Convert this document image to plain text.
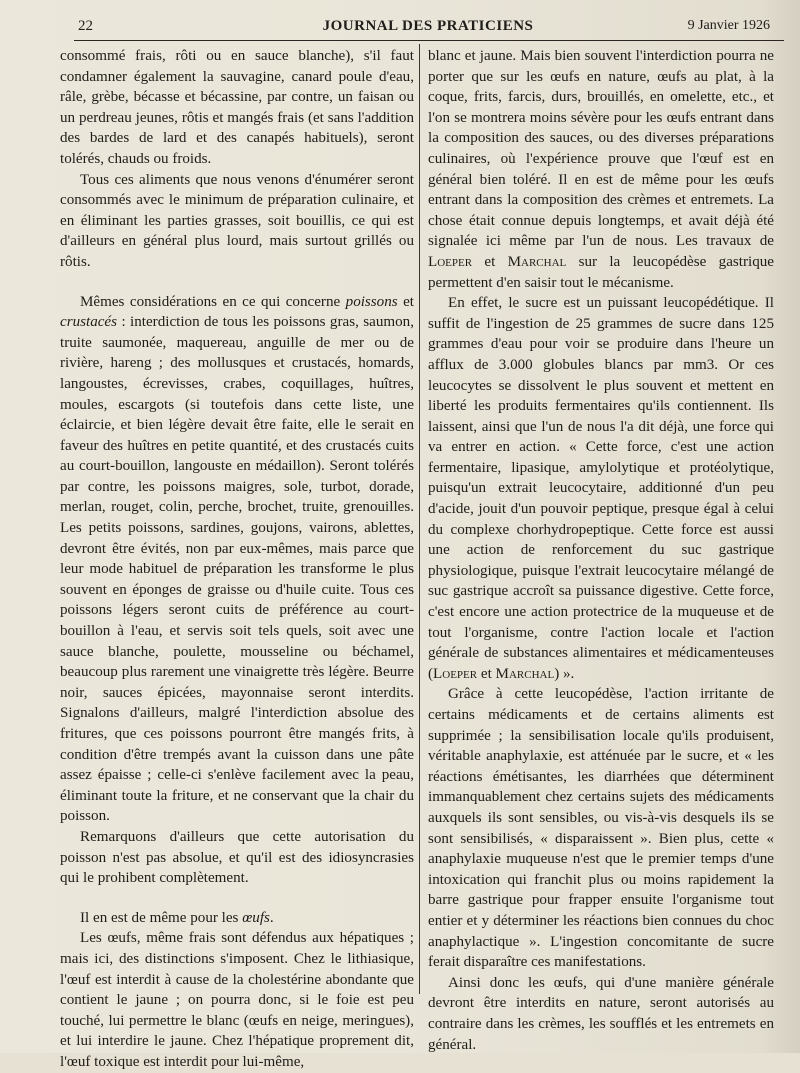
22	JOURNAL DES PRATICIENS	9 Janvier 1926

consommé frais, rôti ou en sauce blanche), s'il faut condamner également la sauvagine, canard poule d'eau, râle, grèbe, bécasse et bécassine, par contre, un faisan ou un perdreau jeunes, rôtis et mangés frais (et sans l'addition des bardes de lard et des canapés habituels), seront tolérés, chauds ou froids.

Tous ces aliments que nous venons d'énumérer seront consommés avec le minimum de préparation culinaire, et en éliminant les parties grasses, soit bouillis, ce qui est d'ailleurs en général plus lourd, mais surtout grillés ou rôtis.

Mêmes considérations en ce qui concerne poissons et crustacés : interdiction de tous les poissons gras, saumon, truite saumonée, maquereau, anguille de mer ou de rivière, hareng ; des mollusques et crustacés, homards, langoustes, écrevisses, crabes, coquillages, huîtres, moules, escargots (si toutefois dans cette liste, une éclaircie, et bien légère devait être faite, elle le serait en faveur des huîtres en petite quantité, et des crustacés cuits au court-bouillon, langouste en médaillon). Seront tolérés par contre, les poissons maigres, sole, turbot, dorade, merlan, rouget, colin, perche, brochet, truite, grenouilles. Les petits poissons, sardines, goujons, vairons, ablettes, devront être évités, non par eux-mêmes, mais parce que leur mode habituel de préparation les transforme le plus souvent en éponges de graisse ou d'huile cuite. Tous ces poissons légers seront cuits de préférence au court-bouillon à l'eau, et servis soit tels quels, soit avec une sauce blanche, poulette, mousseline ou béchamel, beaucoup plus rarement une vinaigrette très légère. Beurre noir, sauces épicées, mayonnaise seront interdits. Signalons d'ailleurs, malgré l'interdiction absolue des fritures, que ces poissons pourront être mangés frits, à condition d'être trempés avant la cuisson dans une pâte assez épaisse ; celle-ci s'enlève facilement avec la peau, éliminant toute la friture, et ne conservant que la chair du poisson.

Remarquons d'ailleurs que cette autorisation du poisson n'est pas absolue, et qu'il est des idiosyncrasies qui le prohibent complètement.

Il en est de même pour les œufs.

Les œufs, même frais sont défendus aux hépatiques ; mais ici, des distinctions s'imposent. Chez le lithiasique, l'œuf est interdit à cause de la cholestérine abondante que contient le jaune ; on pourra donc, si le foie est peu touché, lui permettre le blanc (œufs en neige, meringues), et lui interdire le jaune. Chez l'hépatique proprement dit, l'œuf toxique est interdit pour lui-même,

blanc et jaune. Mais bien souvent l'interdiction pourra ne porter que sur les œufs en nature, œufs au plat, à la coque, frits, farcis, durs, brouillés, en omelette, etc., et l'on se montrera moins sévère pour les œufs entrant dans la composition des sauces, ou des diverses préparations culinaires, où l'expérience prouve que l'œuf est en général bien toléré. Il en est de même pour les œufs entrant dans la composition des crèmes et entremets. La chose était connue depuis longtemps, et avait déjà été signalée ici même par l'un de nous. Les travaux de Loeper et Marchal sur la leucopédèse gastrique permettent d'en saisir tout le mécanisme.

En effet, le sucre est un puissant leucopédétique. Il suffit de l'ingestion de 25 grammes de sucre dans 125 grammes d'eau pour voir se produire dans l'heure un afflux de 3.000 globules blancs par mm3. Or ces leucocytes se dissolvent le plus souvent et mettent en liberté les produits fermentaires qu'ils contiennent. Ils laissent, ainsi que l'un de nous l'a dit déjà, une force qui va entrer en action. « Cette force, c'est une action fermentaire, lipasique, amylolytique et protéolytique, puisqu'un extrait leucocytaire, additionné d'un peu d'acide, jouit d'un pouvoir peptique, presque égal à celui du complexe chorhydropeptique. Cette force est aussi une action de renforcement du suc gastrique physiologique, puisque l'extrait leucocytaire mélangé de suc gastrique accroît sa puissance digestive. Cette force, c'est encore une action protectrice de la muqueuse et de tout l'organisme, contre l'action locale et l'action générale de substances alimentaires et médicamenteuses (Loeper et Marchal) ».

Grâce à cette leucopédèse, l'action irritante de certains médicaments et de certains aliments est supprimée ; la sensibilisation locale qu'ils produisent, véritable anaphylaxie, est atténuée par le sucre, et « les réactions émétisantes, les diarrhées que déterminent immanquablement chez certains sujets des médicaments auxquels ils sont sensibles, ou vis-à-vis desquels ils se sont sensibilisés, « disparaissent ». Bien plus, cette « anaphylaxie muqueuse n'est que le premier temps d'une intoxication qui franchit plus ou moins rapidement la barre gastrique pour frapper ensuite l'organisme tout entier et y déterminer les réactions bien connues du choc anaphylactique ». L'ingestion concomitante de sucre ferait disparaître ces manifestations.

Ainsi donc les œufs, qui d'une manière générale devront être interdits en nature, seront autorisés au contraire dans les crèmes, les soufflés et les entremets en général.
